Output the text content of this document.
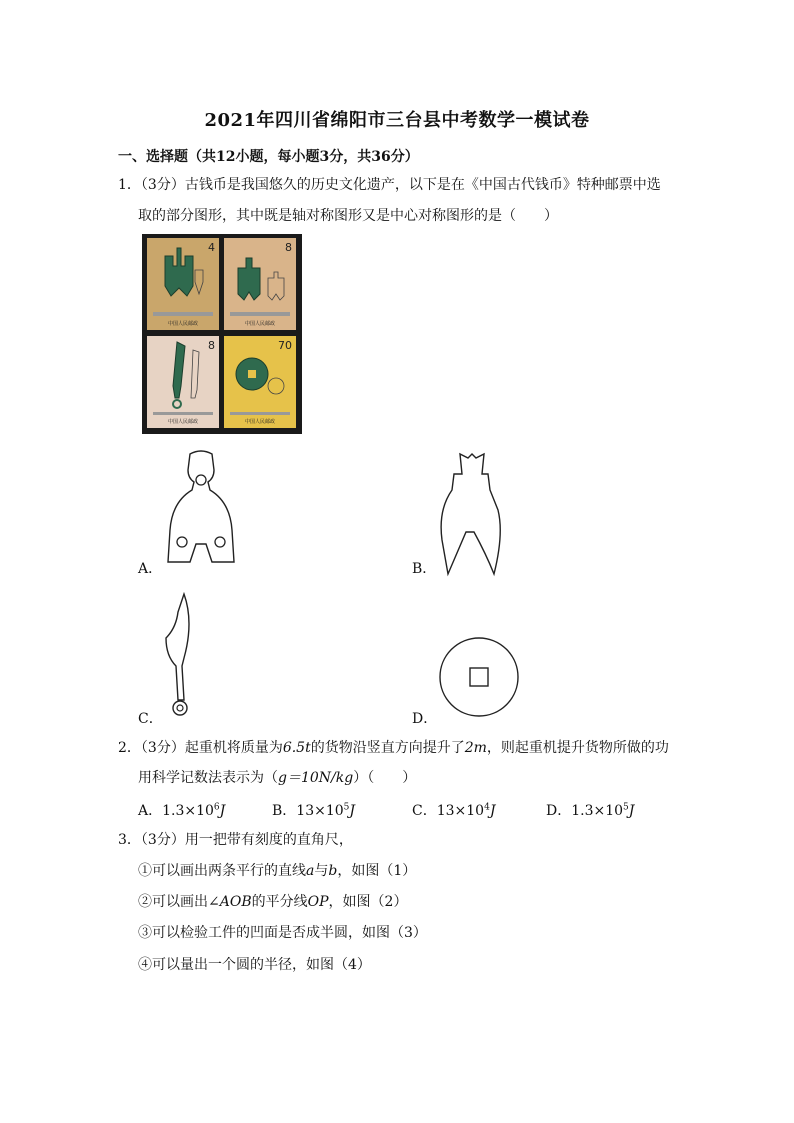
2021年四川省绵阳市三台县中考数学一模试卷
一、选择题（共12小题，每小题3分，共36分）
1．（3分）古钱币是我国悠久的历史文化遗产，以下是在《中国古代钱币》特种邮票中选
取的部分图形，其中既是轴对称图形又是中心对称图形的是（　　）
4
中国人民邮政
8
中国人民邮政
8
中国人民邮政
70
中国人民邮政
A．	B．
C．	D．
2．（3分）起重机将质量为6.5t的货物沿竖直方向提升了2m，则起重机提升货物所做的功
用科学记数法表示为（g＝10N/kg）（　　）
A．$1.3\times 10^6J$	B．$13\times 10^5J$	C．$13\times 10^4J$	D．$1.3\times 10^5J$
3．（3分）用一把带有刻度的直角尺，
①可以画出两条平行的直线a与b，如图（1）
②可以画出∠AOB的平分线OP，如图（2）
③可以检验工件的凹面是否成半圆，如图（3）
④可以量出一个圆的半径，如图（4）
